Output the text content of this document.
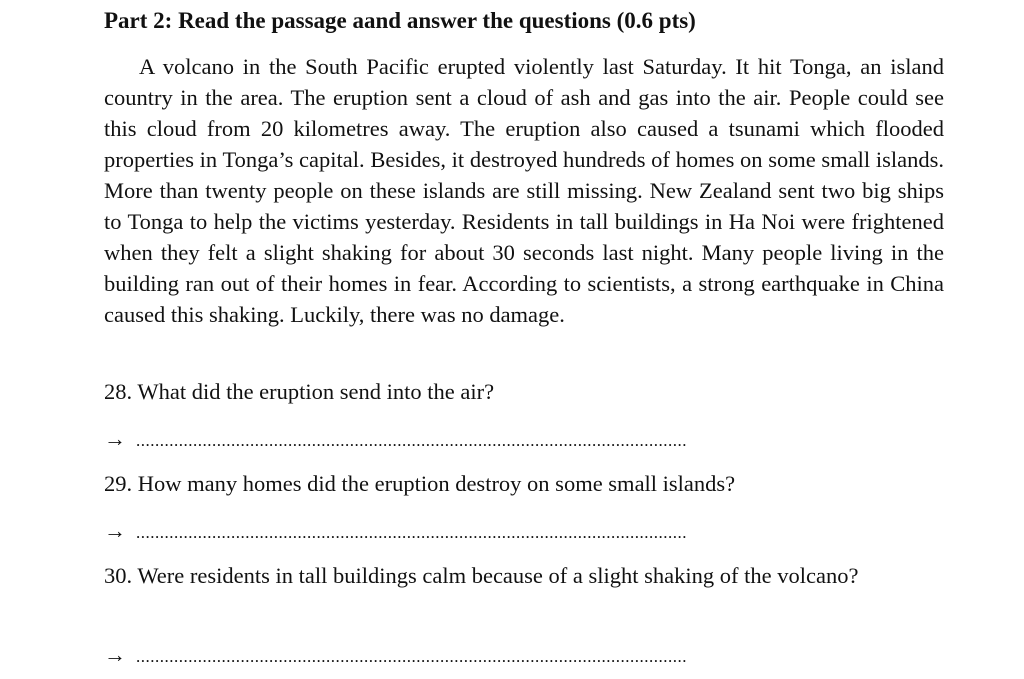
Part 2: Read the passage aand answer the questions (0.6 pts)
A volcano in the South Pacific erupted violently last Saturday. It hit Tonga, an island country in the area. The eruption sent a cloud of ash and gas into the air. People could see this cloud from 20 kilometres away. The eruption also caused a tsunami which flooded properties in Tonga’s capital. Besides, it destroyed hundreds of homes on some small islands. More than twenty people on these islands are still missing. New Zealand sent two big ships to Tonga to help the victims yesterday. Residents in tall buildings in Ha Noi were frightened when they felt a slight shaking for about 30 seconds last night. Many people living in the building ran out of their homes in fear. According to scientists, a strong earthquake in China caused this shaking. Luckily, there was no damage.
28. What did the eruption send into the air?
→ ....................................................................................................................
29. How many homes did the eruption destroy on some small islands?
→ ....................................................................................................................
30. Were residents in tall buildings calm because of a slight shaking of the volcano?
→ ....................................................................................................................
